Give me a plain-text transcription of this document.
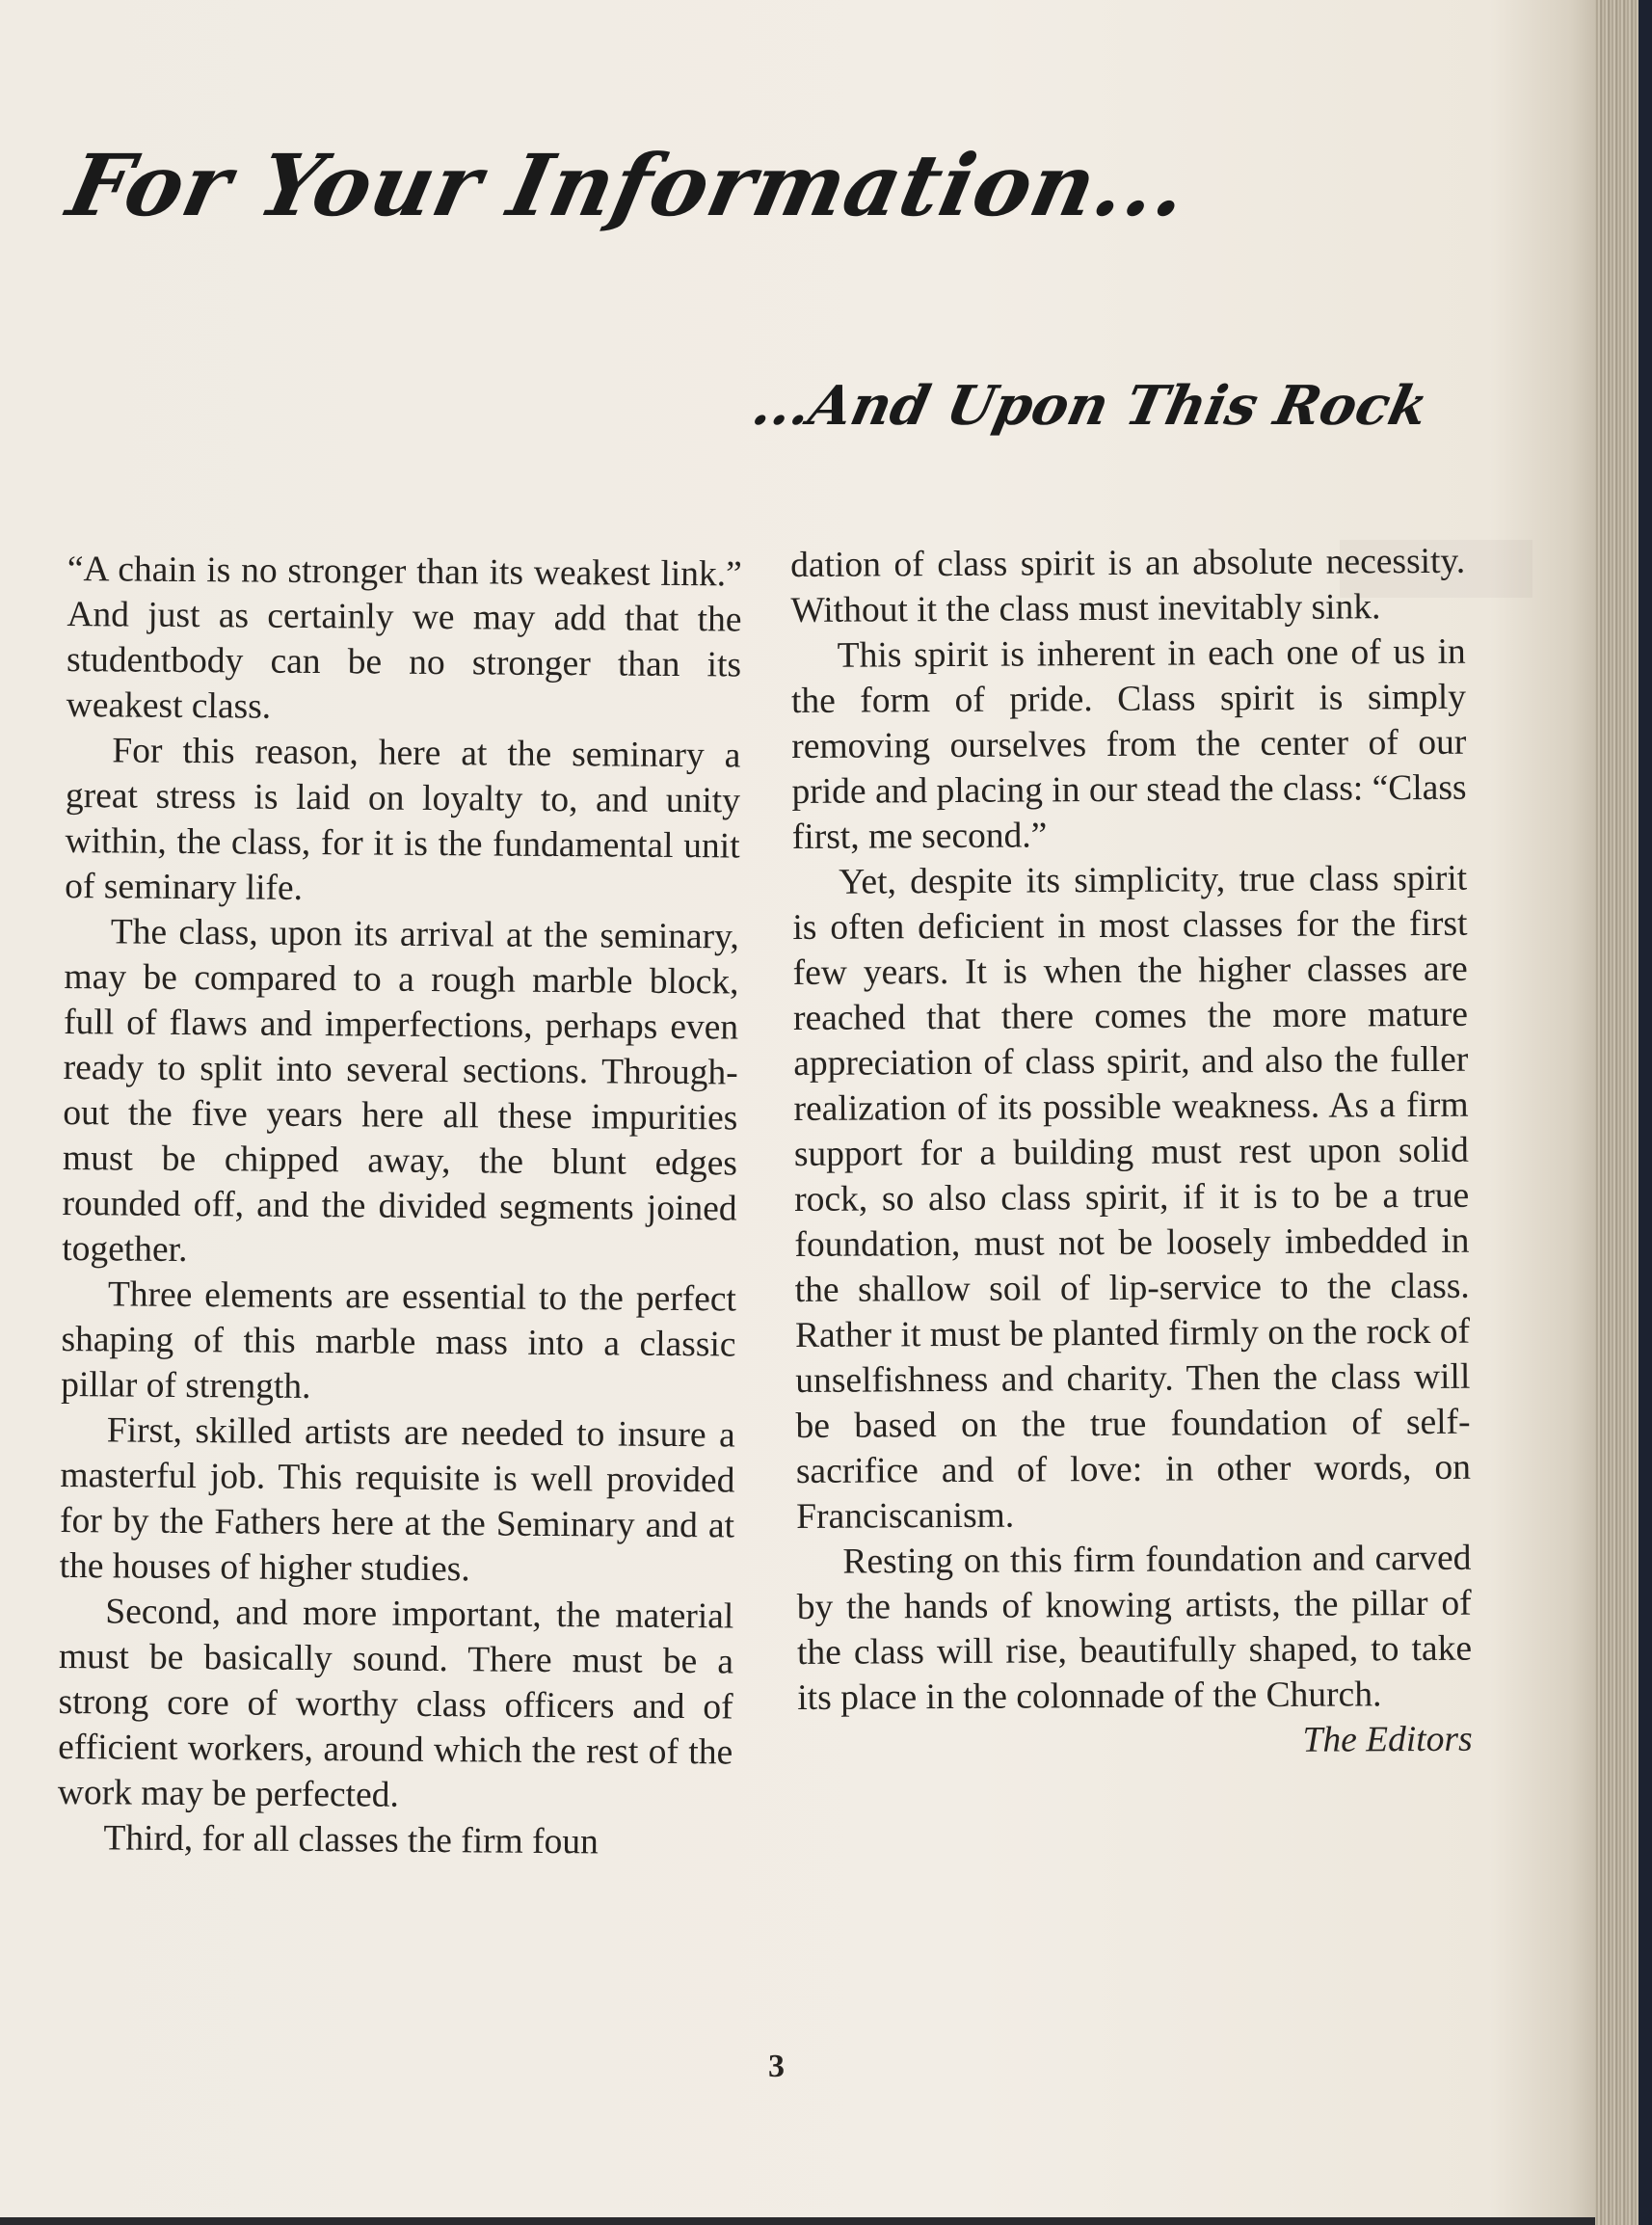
For Your Information...
...And Upon This Rock

“A chain is no stronger than its weakest link.” And just as certainly we may add that the studentbody can be no stronger than its weakest class.

For this reason, here at the seminary a great stress is laid on loyalty to, and unity within, the class, for it is the fundamental unit of seminary life.

The class, upon its arrival at the seminary, may be compared to a rough marble block, full of flaws and imperfections, perhaps even ready to split into several sections. Throughout the five years here all these impurities must be chipped away, the blunt edges rounded off, and the divided segments joined together.

Three elements are essential to the perfect shaping of this marble mass into a classic pillar of strength.

First, skilled artists are needed to insure a masterful job. This requisite is well provided for by the Fathers here at the Seminary and at the houses of higher studies.

Second, and more important, the material must be basically sound. There must be a strong core of worthy class officers and of efficient workers, around which the rest of the work may be perfected.

Third, for all classes the firm foun

dation of class spirit is an absolute necessity. Without it the class must inevitably sink.

This spirit is inherent in each one of us in the form of pride. Class spirit is simply removing ourselves from the center of our pride and placing in our stead the class: “Class first, me second.”

Yet, despite its simplicity, true class spirit is often deficient in most classes for the first few years. It is when the higher classes are reached that there comes the more mature appreciation of class spirit, and also the fuller realization of its possible weakness. As a firm support for a building must rest upon solid rock, so also class spirit, if it is to be a true foundation, must not be loosely imbedded in the shallow soil of lip-service to the class. Rather it must be planted firmly on the rock of unselfishness and charity. Then the class will be based on the true foundation of self-sacrifice and of love: in other words, on Franciscanism.

Resting on this firm foundation and carved by the hands of knowing artists, the pillar of the class will rise, beautifully shaped, to take its place in the colonnade of the Church.

The Editors

3
